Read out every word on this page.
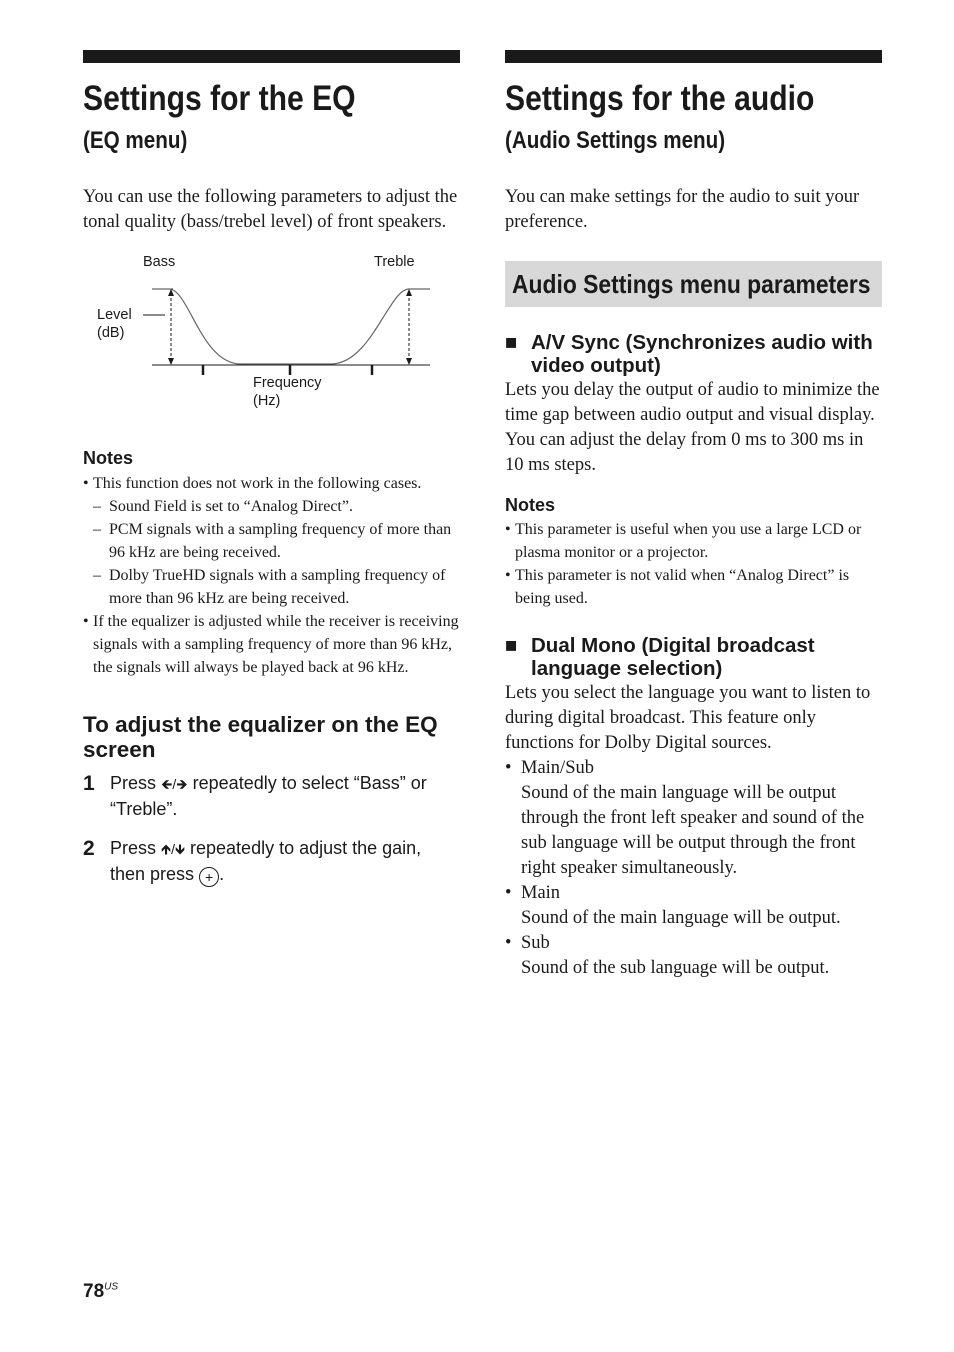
Settings for the EQ
(EQ menu)
You can use the following parameters to adjust the tonal quality (bass/trebel level) of front speakers.
Bass	Treble
Level
(dB)
Frequency
(Hz)
Notes
• This function does not work in the following cases.
– Sound Field is set to “Analog Direct”.
– PCM signals with a sampling frequency of more than 96 kHz are being received.
– Dolby TrueHD signals with a sampling frequency of more than 96 kHz are being received.
• If the equalizer is adjusted while the receiver is receiving signals with a sampling frequency of more than 96 kHz, the signals will always be played back at 96 kHz.
To adjust the equalizer on the EQ screen
1 Press 🡸/🡺 repeatedly to select “Bass” or “Treble”.
2 Press 🡹/🡻 repeatedly to adjust the gain, then press + .
Settings for the audio
(Audio Settings menu)
You can make settings for the audio to suit your preference.
Audio Settings menu parameters
■ A/V Sync (Synchronizes audio with video output)
Lets you delay the output of audio to minimize the time gap between audio output and visual display. You can adjust the delay from 0 ms to 300 ms in 10 ms steps.
Notes
• This parameter is useful when you use a large LCD or plasma monitor or a projector.
• This parameter is not valid when “Analog Direct” is being used.
■ Dual Mono (Digital broadcast language selection)
Lets you select the language you want to listen to during digital broadcast. This feature only functions for Dolby Digital sources.
• Main/Sub
Sound of the main language will be output through the front left speaker and sound of the sub language will be output through the front right speaker simultaneously.
• Main
Sound of the main language will be output.
• Sub
Sound of the sub language will be output.
$78^{US}$
